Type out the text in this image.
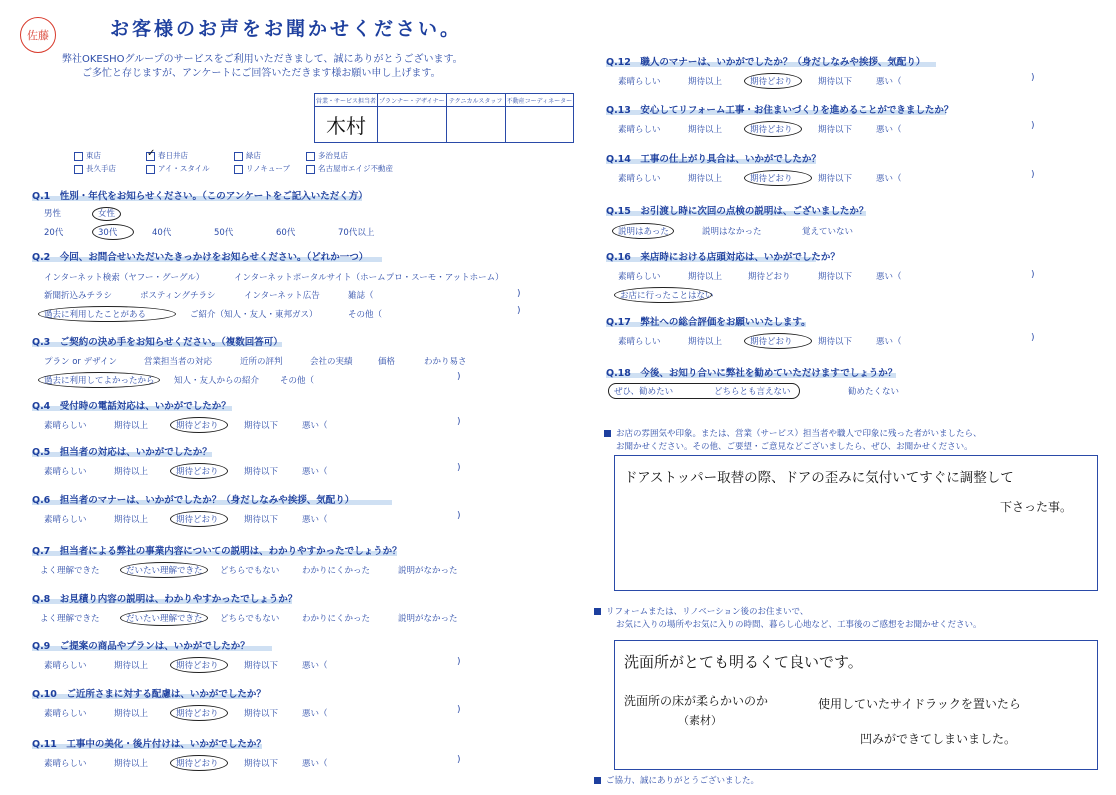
佐藤	お客様のお声をお聞かせください。
弊社OKESHOグループのサービスをご利用いただきまして、誠にありがとうございます。
ご多忙と存じますが、アンケートにご回答いただきます様お願い申し上げます。
営業・サービス担当者	プランナー・デザイナー	テクニカルスタッフ	不動産コーディネーター
木村			
東店	✓ 春日井店	緑店	多治見店
長久手店	アイ・スタイル	リノキューブ	名古屋市エイジ不動産
Q.1　性別・年代をお知らせください。（このアンケートをご記入いただく方）
男性	女性
20代	30代	40代	50代	60代	70代以上
Q.2　今回、お問合せいただいたきっかけをお知らせください。（どれか一つ）
インターネット検索（ヤフー・グーグル）	インターネットポータルサイト（ホームプロ・スーモ・アットホーム）
新聞折込みチラシ	ポスティングチラシ	インターネット広告	雑誌（	)
過去に利用したことがある	ご紹介（知人・友人・東邦ガス）	その他（	)
Q.3　ご契約の決め手をお知らせください。（複数回答可）
プラン or デザイン	営業担当者の対応	近所の評判	会社の実績	価格	わかり易さ
過去に利用してよかったから 知人・友人からの紹介 その他（	)
Q.4　受付時の電話対応は、いかがでしたか？
素晴らしい	期待以上	期待どおり	期待以下	悪い（	)
Q.5　担当者の対応は、いかがでしたか？
素晴らしい	期待以上	期待どおり	期待以下	悪い（	)
Q.6　担当者のマナーは、いかがでしたか？（身だしなみや挨拶、気配り）
素晴らしい	期待以上	期待どおり	期待以下	悪い（	)
Q.7　担当者による弊社の事業内容についての説明は、わかりやすかったでしょうか？
よく理解できた	だいたい理解できた どちらでもない	わかりにくかった	説明がなかった
Q.8　お見積り内容の説明は、わかりやすかったでしょうか？
よく理解できた	だいたい理解できた どちらでもない	わかりにくかった	説明がなかった
Q.9　ご提案の商品やプランは、いかがでしたか？
素晴らしい	期待以上	期待どおり	期待以下	悪い（	)
Q.10　ご近所さまに対する配慮は、いかがでしたか？
素晴らしい	期待以上	期待どおり	期待以下	悪い（	)
Q.11　工事中の美化・後片付けは、いかがでしたか？
素晴らしい	期待以上	期待どおり	期待以下	悪い（	)
Q.12　職人のマナーは、いかがでしたか？（身だしなみや挨拶、気配り）
素晴らしい	期待以上	期待どおり	期待以下	悪い（	)
Q.13　安心してリフォーム工事・お住まいづくりを進めることができましたか？
素晴らしい	期待以上	期待どおり	期待以下	悪い（	)
Q.14　工事の仕上がり具合は、いかがでしたか？
素晴らしい	期待以上	期待どおり	期待以下	悪い（	)
Q.17　弊社への総合評価をお願いいたします。
素晴らしい	期待以上	期待どおり	期待以下	悪い（	)
Q.15　お引渡し時に次回の点検の説明は、ございましたか？
説明はあった	説明はなかった	覚えていない
Q.16　来店時における店頭対応は、いかがでしたか？
素晴らしい	期待以上	期待どおり	期待以下	悪い（	)
お店に行ったことはない
Q.18　今後、お知り合いに弊社を勧めていただけますでしょうか？
ぜひ、勧めたい	どちらとも言えない	勧めたくない
お店の雰囲気や印象。または、営業（サービス）担当者や職人で印象に残った者がいましたら、
お聞かせください。その他、ご要望・ご意見などございましたら、ぜひ、お聞かせください。
ドアストッパー取替の際、ドアの歪みに気付いてすぐに調整して
下さった事。
リフォームまたは、リノベーション後のお住まいで、
お気に入りの場所やお気に入りの時間、暮らし心地など、工事後のご感想をお聞かせください。
洗面所がとても明るくて良いです。
洗面所の床が柔らかいのか
（素材）
使用していたサイドラックを置いたら
凹みができてしまいました。
ご協力、誠にありがとうございました。
